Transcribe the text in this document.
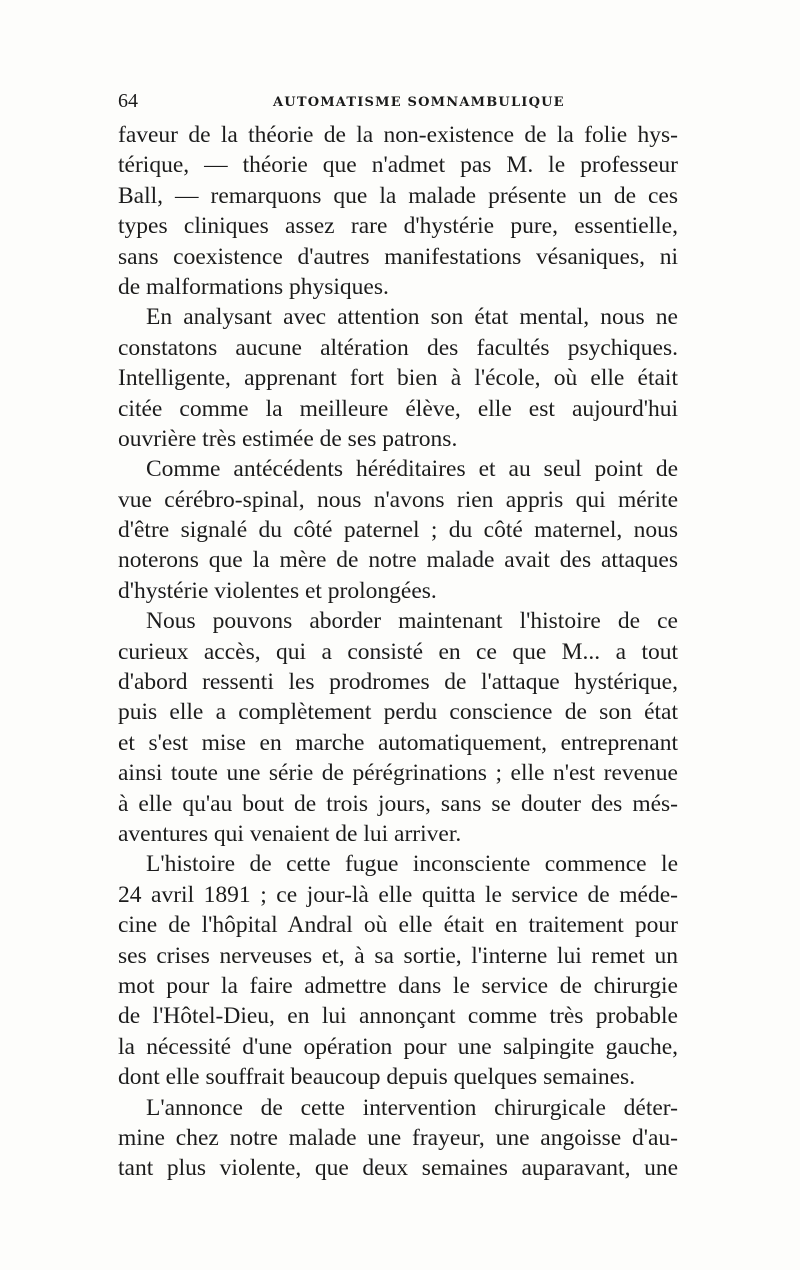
64	AUTOMATISME SOMNAMBULIQUE
faveur de la théorie de la non-existence de la folie hys-
térique, — théorie que n'admet pas M. le professeur
Ball, — remarquons que la malade présente un de ces
types cliniques assez rare d'hystérie pure, essentielle,
sans coexistence d'autres manifestations vésaniques, ni
de malformations physiques.
En analysant avec attention son état mental, nous ne
constatons aucune altération des facultés psychiques.
Intelligente, apprenant fort bien à l'école, où elle était
citée comme la meilleure élève, elle est aujourd'hui
ouvrière très estimée de ses patrons.
Comme antécédents héréditaires et au seul point de
vue cérébro-spinal, nous n'avons rien appris qui mérite
d'être signalé du côté paternel ; du côté maternel, nous
noterons que la mère de notre malade avait des attaques
d'hystérie violentes et prolongées.
Nous pouvons aborder maintenant l'histoire de ce
curieux accès, qui a consisté en ce que M... a tout
d'abord ressenti les prodromes de l'attaque hystérique,
puis elle a complètement perdu conscience de son état
et s'est mise en marche automatiquement, entreprenant
ainsi toute une série de pérégrinations ; elle n'est revenue
à elle qu'au bout de trois jours, sans se douter des més-
aventures qui venaient de lui arriver.
L'histoire de cette fugue inconsciente commence le
24 avril 1891 ; ce jour-là elle quitta le service de méde-
cine de l'hôpital Andral où elle était en traitement pour
ses crises nerveuses et, à sa sortie, l'interne lui remet un
mot pour la faire admettre dans le service de chirurgie
de l'Hôtel-Dieu, en lui annonçant comme très probable
la nécessité d'une opération pour une salpingite gauche,
dont elle souffrait beaucoup depuis quelques semaines.
L'annonce de cette intervention chirurgicale déter-
mine chez notre malade une frayeur, une angoisse d'au-
tant plus violente, que deux semaines auparavant, une
